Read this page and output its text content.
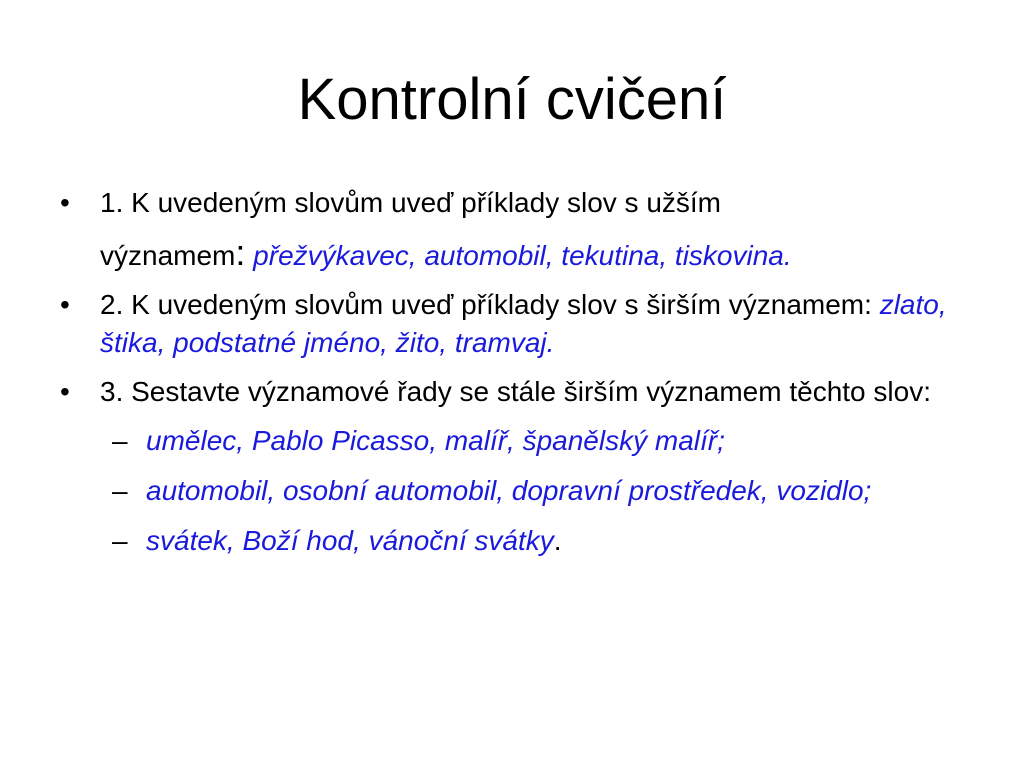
Kontrolní cvičení
•	1. K uvedeným slovům uveď příklady slov s užším
významem: přežvýkavec, automobil, tekutina, tiskovina.
•	2. K uvedeným slovům uveď příklady slov s širším významem: zlato, štika, podstatné jméno, žito, tramvaj.
•	3. Sestavte významové řady se stále širším významem těchto slov:
– umělec, Pablo Picasso, malíř, španělský malíř;
– automobil, osobní automobil, dopravní prostředek, vozidlo;
– svátek, Boží hod, vánoční svátky.
